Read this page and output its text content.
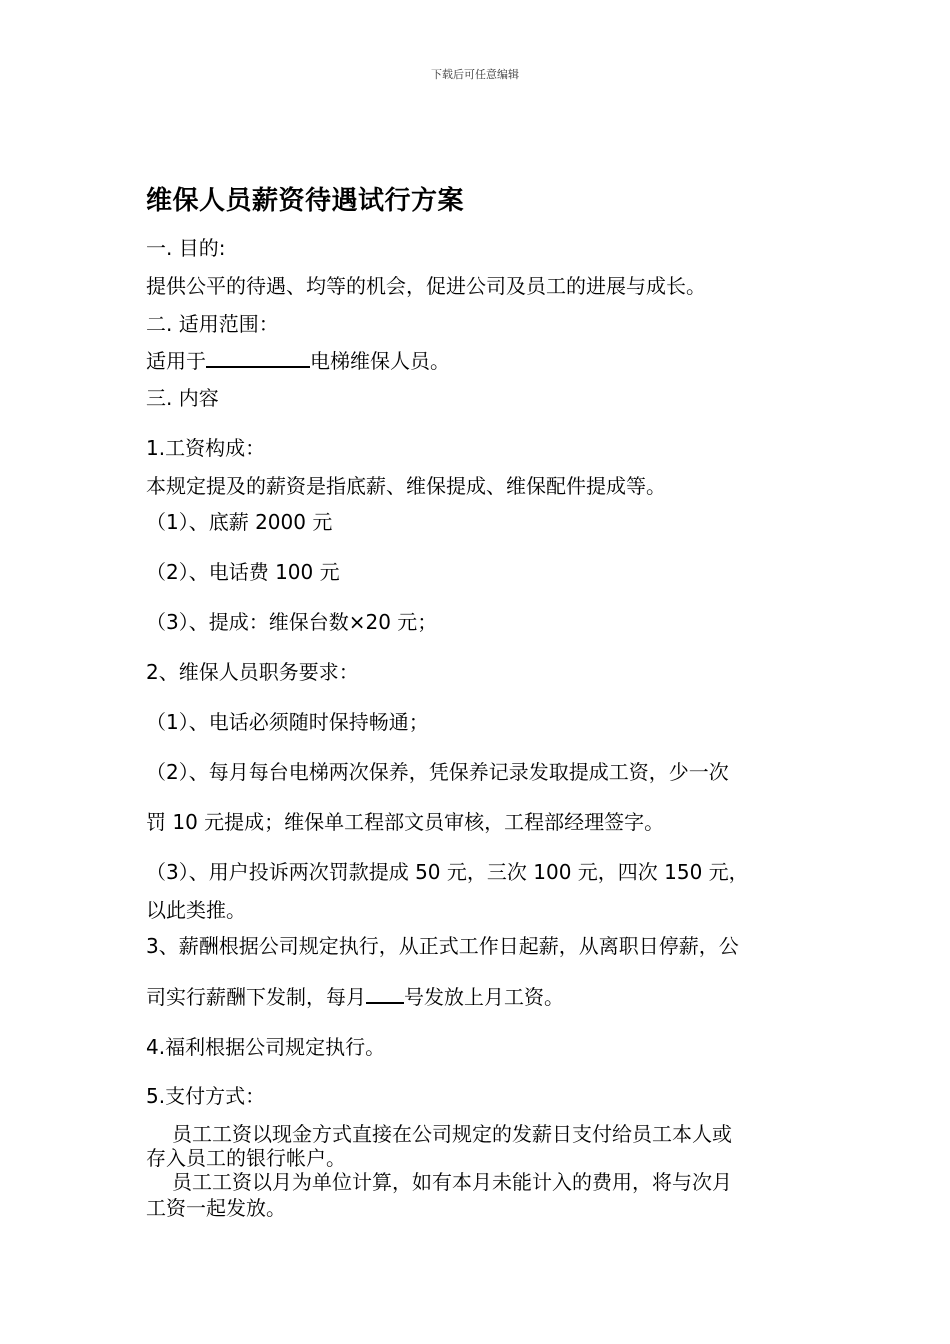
下载后可任意编辑
维保人员薪资待遇试行方案
一. 目的:
提供公平的待遇、均等的机会，促进公司及员工的进展与成长。
二. 适用范围：
适用于	电梯维保人员。
三. 内容
1.工资构成：
本规定提及的薪资是指底薪、维保提成、维保配件提成等。
（1）、底薪 2000 元
（2）、电话费 100 元
（3）、提成：维保台数×20 元；
2、维保人员职务要求：
（1）、电话必须随时保持畅通；
（2）、每月每台电梯两次保养，凭保养记录发取提成工资，少一次
罚 10 元提成；维保单工程部文员审核，工程部经理签字。
（3）、用户投诉两次罚款提成 50 元，三次 100 元，四次 150 元，
以此类推。
3、薪酬根据公司规定执行，从正式工作日起薪，从离职日停薪，公
司实行薪酬下发制，每月 号发放上月工资。
4.福利根据公司规定执行。
5.支付方式：
员工工资以现金方式直接在公司规定的发薪日支付给员工本人或
存入员工的银行帐户。
员工工资以月为单位计算，如有本月未能计入的费用，将与次月
工资一起发放。
